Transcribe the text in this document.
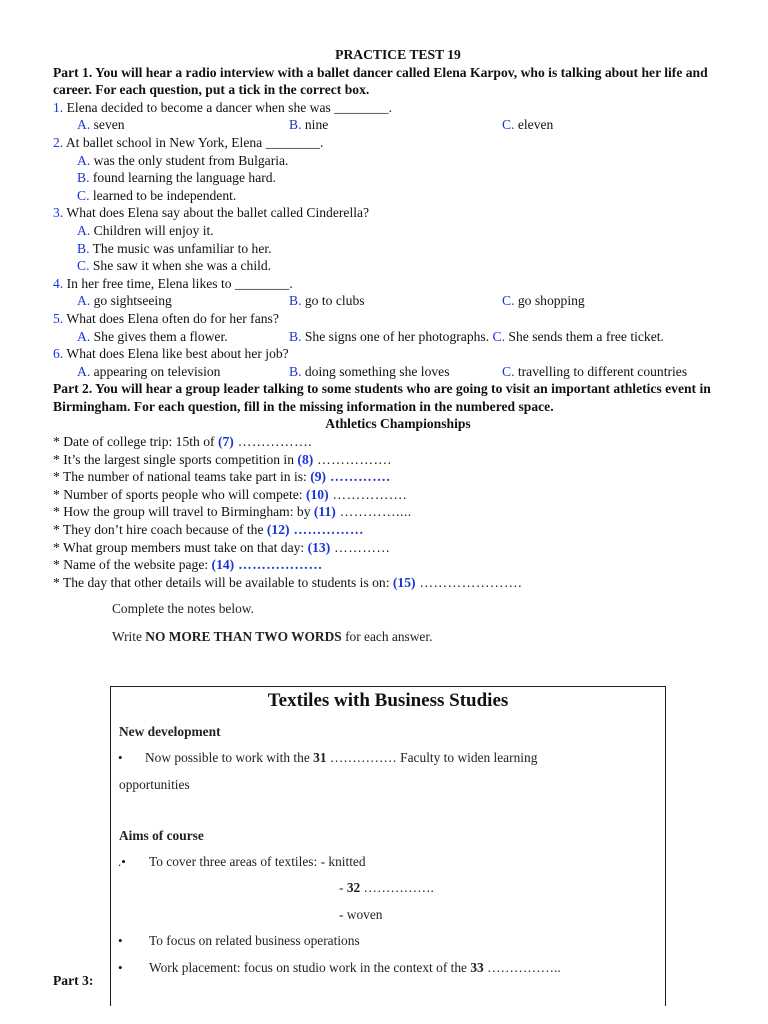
PRACTICE TEST 19
Part 1. You will hear a radio interview with a ballet dancer called Elena Karpov, who is talking about her life and career. For each question, put a tick in the correct box.
1. Elena decided to become a dancer when she was ________.
A. seven	B. nine	C. eleven
2. At ballet school in New York, Elena ________.
A. was the only student from Bulgaria.
B. found learning the language hard.
C. learned to be independent.
3. What does Elena say about the ballet called Cinderella?
A. Children will enjoy it.
B. The music was unfamiliar to her.
C. She saw it when she was a child.
4. In her free time, Elena likes to ________.
A. go sightseeing	B. go to clubs	C. go shopping
5. What does Elena often do for her fans?
A. She gives them a flower.	B. She signs one of her photographs. C. She sends them a free ticket.
6. What does Elena like best about her job?
A. appearing on television	B. doing something she loves	C. travelling to different countries
Part 2. You will hear a group leader talking to some students who are going to visit an important athletics event in Birmingham. For each question, fill in the missing information in the numbered space.
Athletics Championships
* Date of college trip: 15th of (7) …………….
* It’s the largest single sports competition in (8) …………….
* The number of national teams take part in is: (9) ………….
* Number of sports people who will compete: (10) …………….
* How the group will travel to Birmingham: by (11) …………....
* They don’t hire coach because of the (12) ……………
* What group members must take on that day: (13) …………
* Name of the website page: (14) ………………
* The day that other details will be available to students is on: (15) ………………….
Complete the notes below.
Write NO MORE THAN TWO WORDS for each answer.
Textiles with Business Studies
New development
• Now possible to work with the 31 …………… Faculty to widen learning
opportunities
Aims of course
.• To cover three areas of textiles: - knitted
- 32 …………….
- woven
• To focus on related business operations
• Work placement: focus on studio work in the context of the 33 ……………..
Part 3:
